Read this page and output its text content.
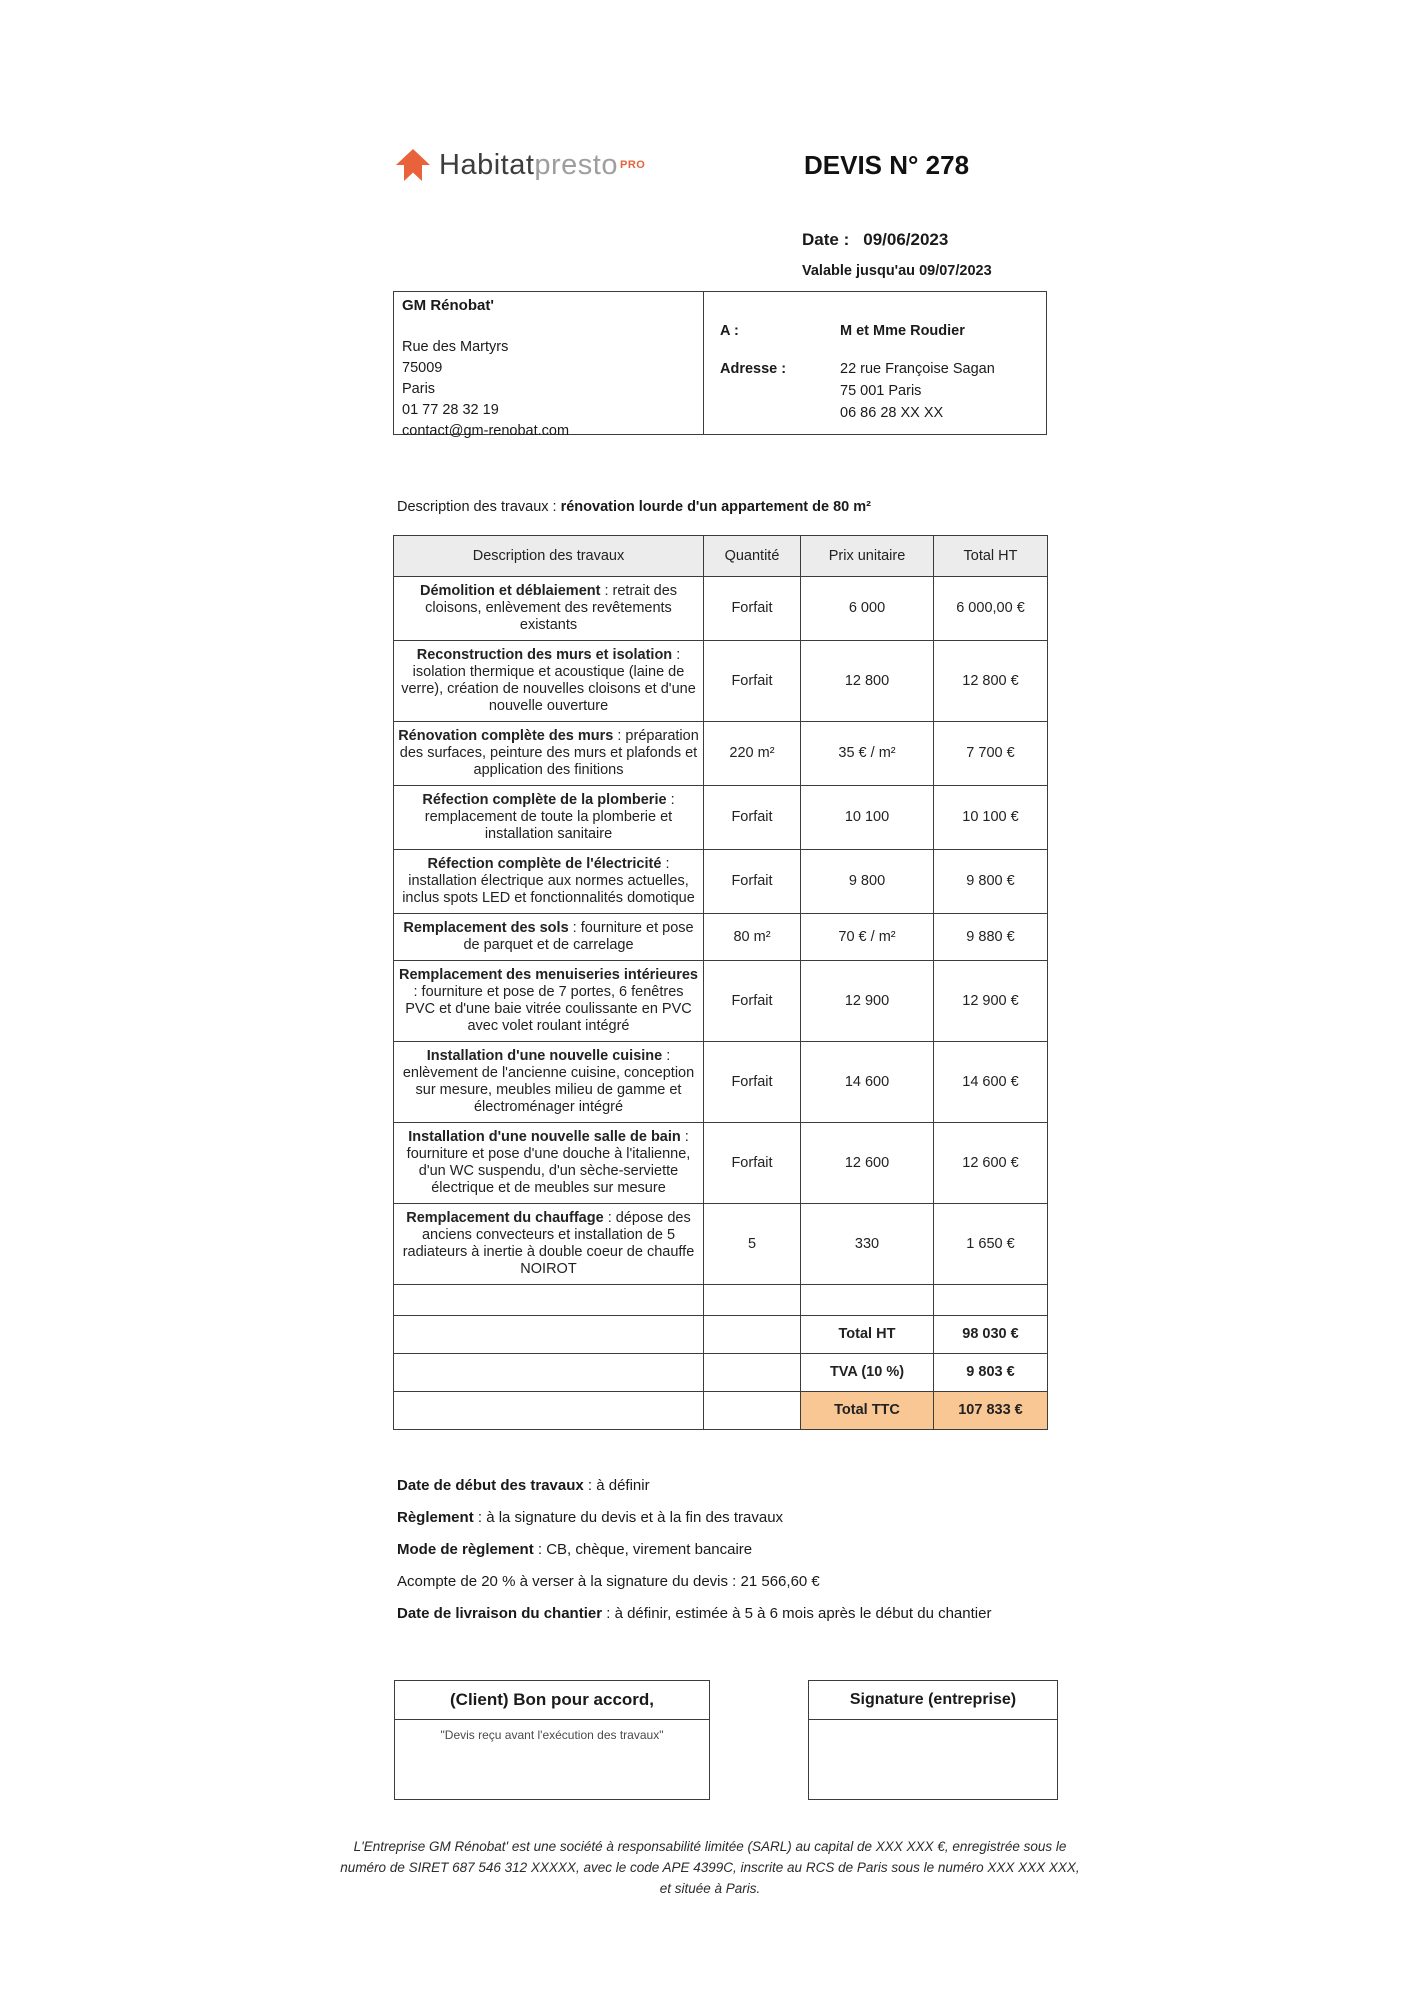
Habitatpresto $^{PRO}$	DEVIS N° 278
Date : 09/06/2023
Valable jusqu'au 09/07/2023
GM Rénobat'
Rue des Martyrs
75009
Paris
01 77 28 32 19
contact@gm-renobat.com
A :	M et Mme Roudier
Adresse :	22 rue Françoise Sagan
75 001 Paris
06 86 28 XX XX
Description des travaux : rénovation lourde d'un appartement de 80 m²
Description des travaux	Quantité	Prix unitaire	Total HT
Démolition et déblaiement : retrait des cloisons, enlèvement des revêtements existants	Forfait	6 000	6 000,00 €
Reconstruction des murs et isolation : isolation thermique et acoustique (laine de verre), création de nouvelles cloisons et d'une nouvelle ouverture	Forfait	12 800	12 800 €
Rénovation complète des murs : préparation des surfaces, peinture des murs et plafonds et application des finitions	220 m²	35 € / m²	7 700 €
Réfection complète de la plomberie : remplacement de toute la plomberie et installation sanitaire	Forfait	10 100	10 100 €
Réfection complète de l'électricité : installation électrique aux normes actuelles, inclus spots LED et fonctionnalités domotique	Forfait	9 800	9 800 €
Remplacement des sols : fourniture et pose de parquet et de carrelage	80 m²	70 € / m²	9 880 €
Remplacement des menuiseries intérieures : fourniture et pose de 7 portes, 6 fenêtres PVC et d'une baie vitrée coulissante en PVC avec volet roulant intégré	Forfait	12 900	12 900 €
Installation d'une nouvelle cuisine : enlèvement de l'ancienne cuisine, conception sur mesure, meubles milieu de gamme et électroménager intégré	Forfait	14 600	14 600 €
Installation d'une nouvelle salle de bain : fourniture et pose d'une douche à l'italienne, d'un WC suspendu, d'un sèche-serviette électrique et de meubles sur mesure	Forfait	12 600	12 600 €
Remplacement du chauffage : dépose des anciens convecteurs et installation de 5 radiateurs à inertie à double coeur de chauffe NOIROT	5	330	1 650 €

		Total HT	98 030 €
		TVA (10 %)	9 803 €
		Total TTC	107 833 €
Date de début des travaux : à définir
Règlement : à la signature du devis et à la fin des travaux
Mode de règlement : CB, chèque, virement bancaire
Acompte de 20 % à verser à la signature du devis : 21 566,60 €
Date de livraison du chantier : à définir, estimée à 5 à 6 mois après le début du chantier
(Client) Bon pour accord,
"Devis reçu avant l'exécution des travaux"
Signature (entreprise)
L'Entreprise GM Rénobat' est une société à responsabilité limitée (SARL) au capital de XXX XXX €, enregistrée sous le numéro de SIRET 687 546 312 XXXXX, avec le code APE 4399C, inscrite au RCS de Paris sous le numéro XXX XXX XXX, et située à Paris.
